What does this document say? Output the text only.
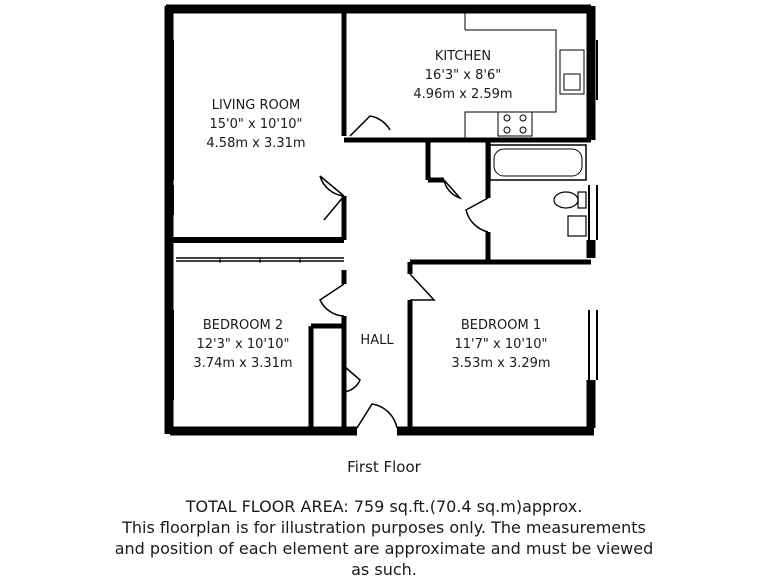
KITCHEN
16'3" x 8'6"
4.96m x 2.59m
LIVING ROOM
15'0" x 10'10"
4.58m x 3.31m
BEDROOM 2
12'3" x 10'10"
3.74m x 3.31m
BEDROOM 1
11'7" x 10'10"
3.53m x 3.29m
HALL
First Floor
TOTAL FLOOR AREA: 759 sq.ft.(70.4 sq.m)approx.
This floorplan is for illustration purposes only. The measurements
and position of each element are approximate and must be viewed
as such.
